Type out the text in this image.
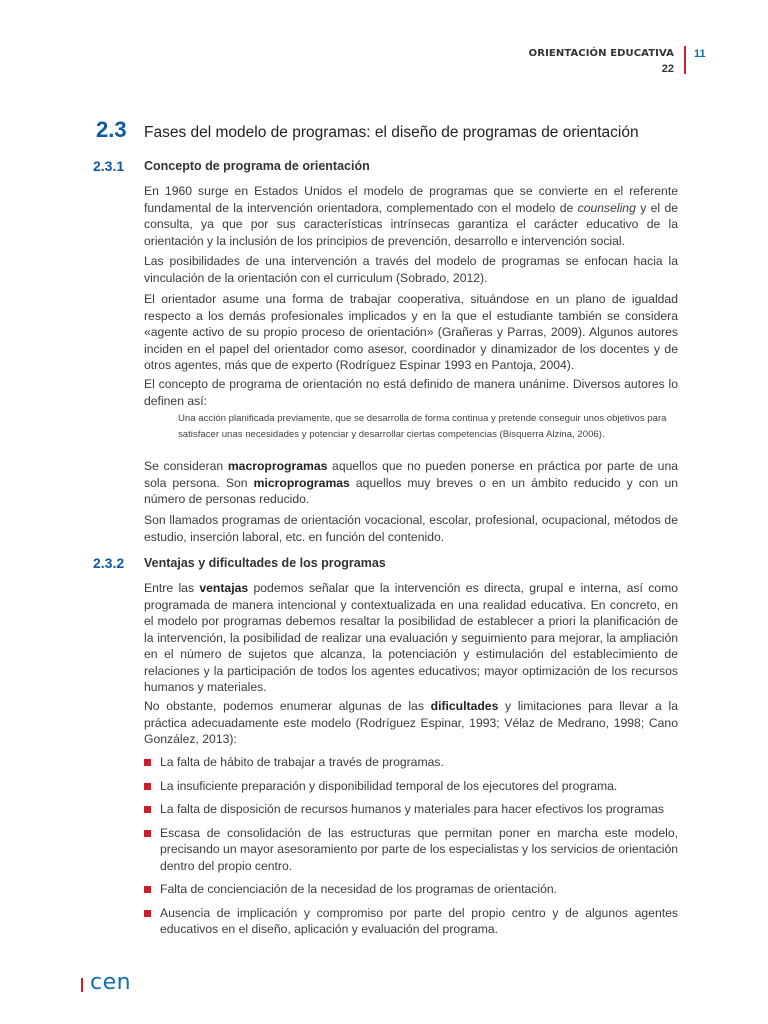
ORIENTACIÓN EDUCATIVA
22
11
2.3 Fases del modelo de programas: el diseño de programas de orientación
2.3.1 Concepto de programa de orientación

En 1960 surge en Estados Unidos el modelo de programas que se convierte en el referente fundamental de la intervención orientadora, complementado con el modelo de counseling y el de consulta, ya que por sus características intrínsecas garantiza el carácter educativo de la orientación y la inclusión de los principios de prevención, desarrollo e intervención social.

Las posibilidades de una intervención a través del modelo de programas se enfocan hacia la vinculación de la orientación con el curriculum (Sobrado, 2012).

El orientador asume una forma de trabajar cooperativa, situándose en un plano de igualdad respecto a los demás profesionales implicados y en la que el estudiante también se considera «agente activo de su propio proceso de orientación» (Grañeras y Parras, 2009). Algunos autores inciden en el papel del orientador como asesor, coordinador y dinamizador de los docentes y de otros agentes, más que de experto (Rodríguez Espinar 1993 en Pantoja, 2004).

El concepto de programa de orientación no está definido de manera unánime. Diversos autores lo definen así:

Una acción planificada previamente, que se desarrolla de forma continua y pretende conseguir unos objetivos para satisfacer unas necesidades y potenciar y desarrollar ciertas competencias (Bisquerra Alzina, 2006).

Se consideran macroprogramas aquellos que no pueden ponerse en práctica por parte de una sola persona. Son microprogramas aquellos muy breves o en un ámbito reducido y con un número de personas reducido.

Son llamados programas de orientación vocacional, escolar, profesional, ocupacional, métodos de estudio, inserción laboral, etc. en función del contenido.

2.3.2 Ventajas y dificultades de los programas

Entre las ventajas podemos señalar que la intervención es directa, grupal e interna, así como programada de manera intencional y contextualizada en una realidad educativa. En concreto, en el modelo por programas debemos resaltar la posibilidad de establecer a priori la planificación de la intervención, la posibilidad de realizar una evaluación y seguimiento para mejorar, la ampliación en el número de sujetos que alcanza, la potenciación y estimulación del establecimiento de relaciones y la participación de todos los agentes educativos; mayor optimización de los recursos humanos y materiales.

No obstante, podemos enumerar algunas de las dificultades y limitaciones para llevar a la práctica adecuadamente este modelo (Rodríguez Espinar, 1993; Vélaz de Medrano, 1998; Cano González, 2013):

La falta de hábito de trabajar a través de programas.
La insuficiente preparación y disponibilidad temporal de los ejecutores del programa.
La falta de disposición de recursos humanos y materiales para hacer efectivos los programas
Escasa de consolidación de las estructuras que permitan poner en marcha este modelo, precisando un mayor asesoramiento por parte de los especialistas y los servicios de orientación dentro del propio centro.
Falta de concienciación de la necesidad de los programas de orientación.
Ausencia de implicación y compromiso por parte del propio centro y de algunos agentes educativos en el diseño, aplicación y evaluación del programa.
cen
